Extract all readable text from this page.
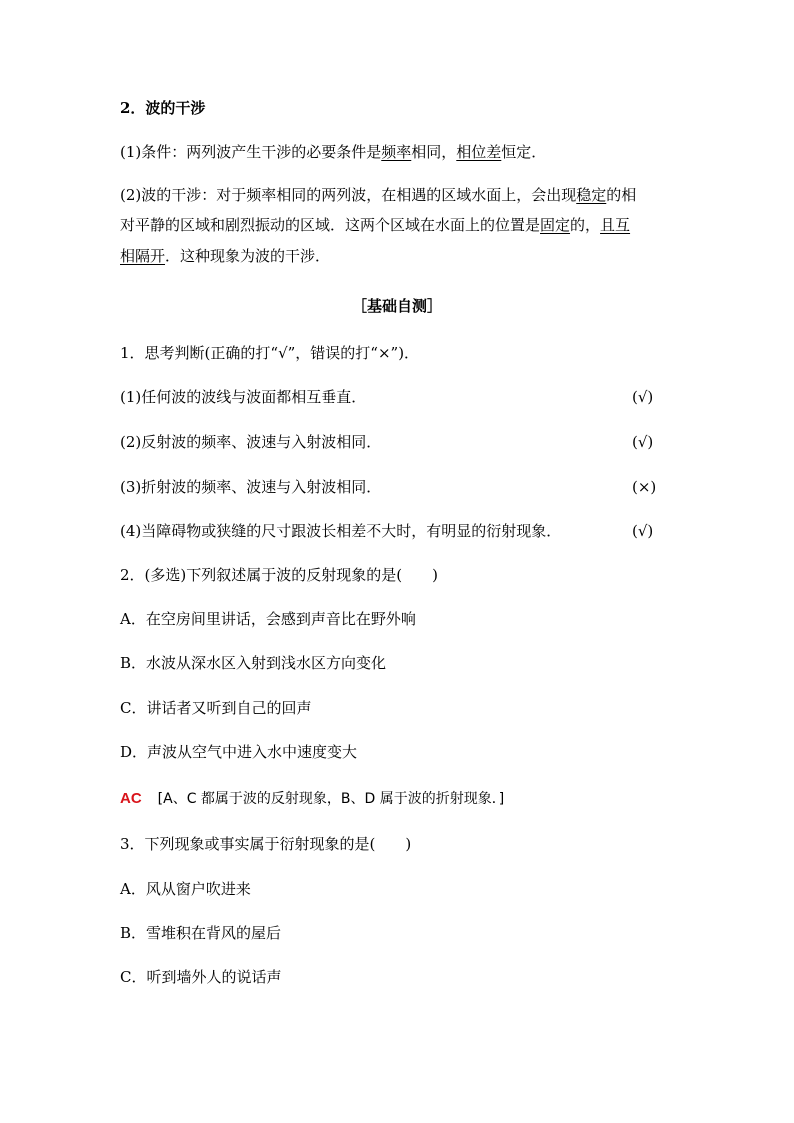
2．波的干涉
(1)条件：两列波产生干涉的必要条件是频率相同，相位差恒定．
(2)波的干涉：对于频率相同的两列波，在相遇的区域水面上，会出现稳定的相
对平静的区域和剧烈振动的区域．这两个区域在水面上的位置是固定的，且互
相隔开．这种现象为波的干涉．
［基础自测］
1．思考判断(正确的打“√”，错误的打“×”)．
(1)任何波的波线与波面都相互垂直．	(√)
(2)反射波的频率、波速与入射波相同．	(√)
(3)折射波的频率、波速与入射波相同．	(×)
(4)当障碍物或狭缝的尺寸跟波长相差不大时，有明显的衍射现象．	(√)
2．(多选)下列叙述属于波的反射现象的是(　　)
A．在空房间里讲话，会感到声音比在野外响
B．水波从深水区入射到浅水区方向变化
C．讲话者又听到自己的回声
D．声波从空气中进入水中速度变大
AC [A、C 都属于波的反射现象，B、D 属于波的折射现象．]
3．下列现象或事实属于衍射现象的是(　　)
A．风从窗户吹进来
B．雪堆积在背风的屋后
C．听到墙外人的说话声
